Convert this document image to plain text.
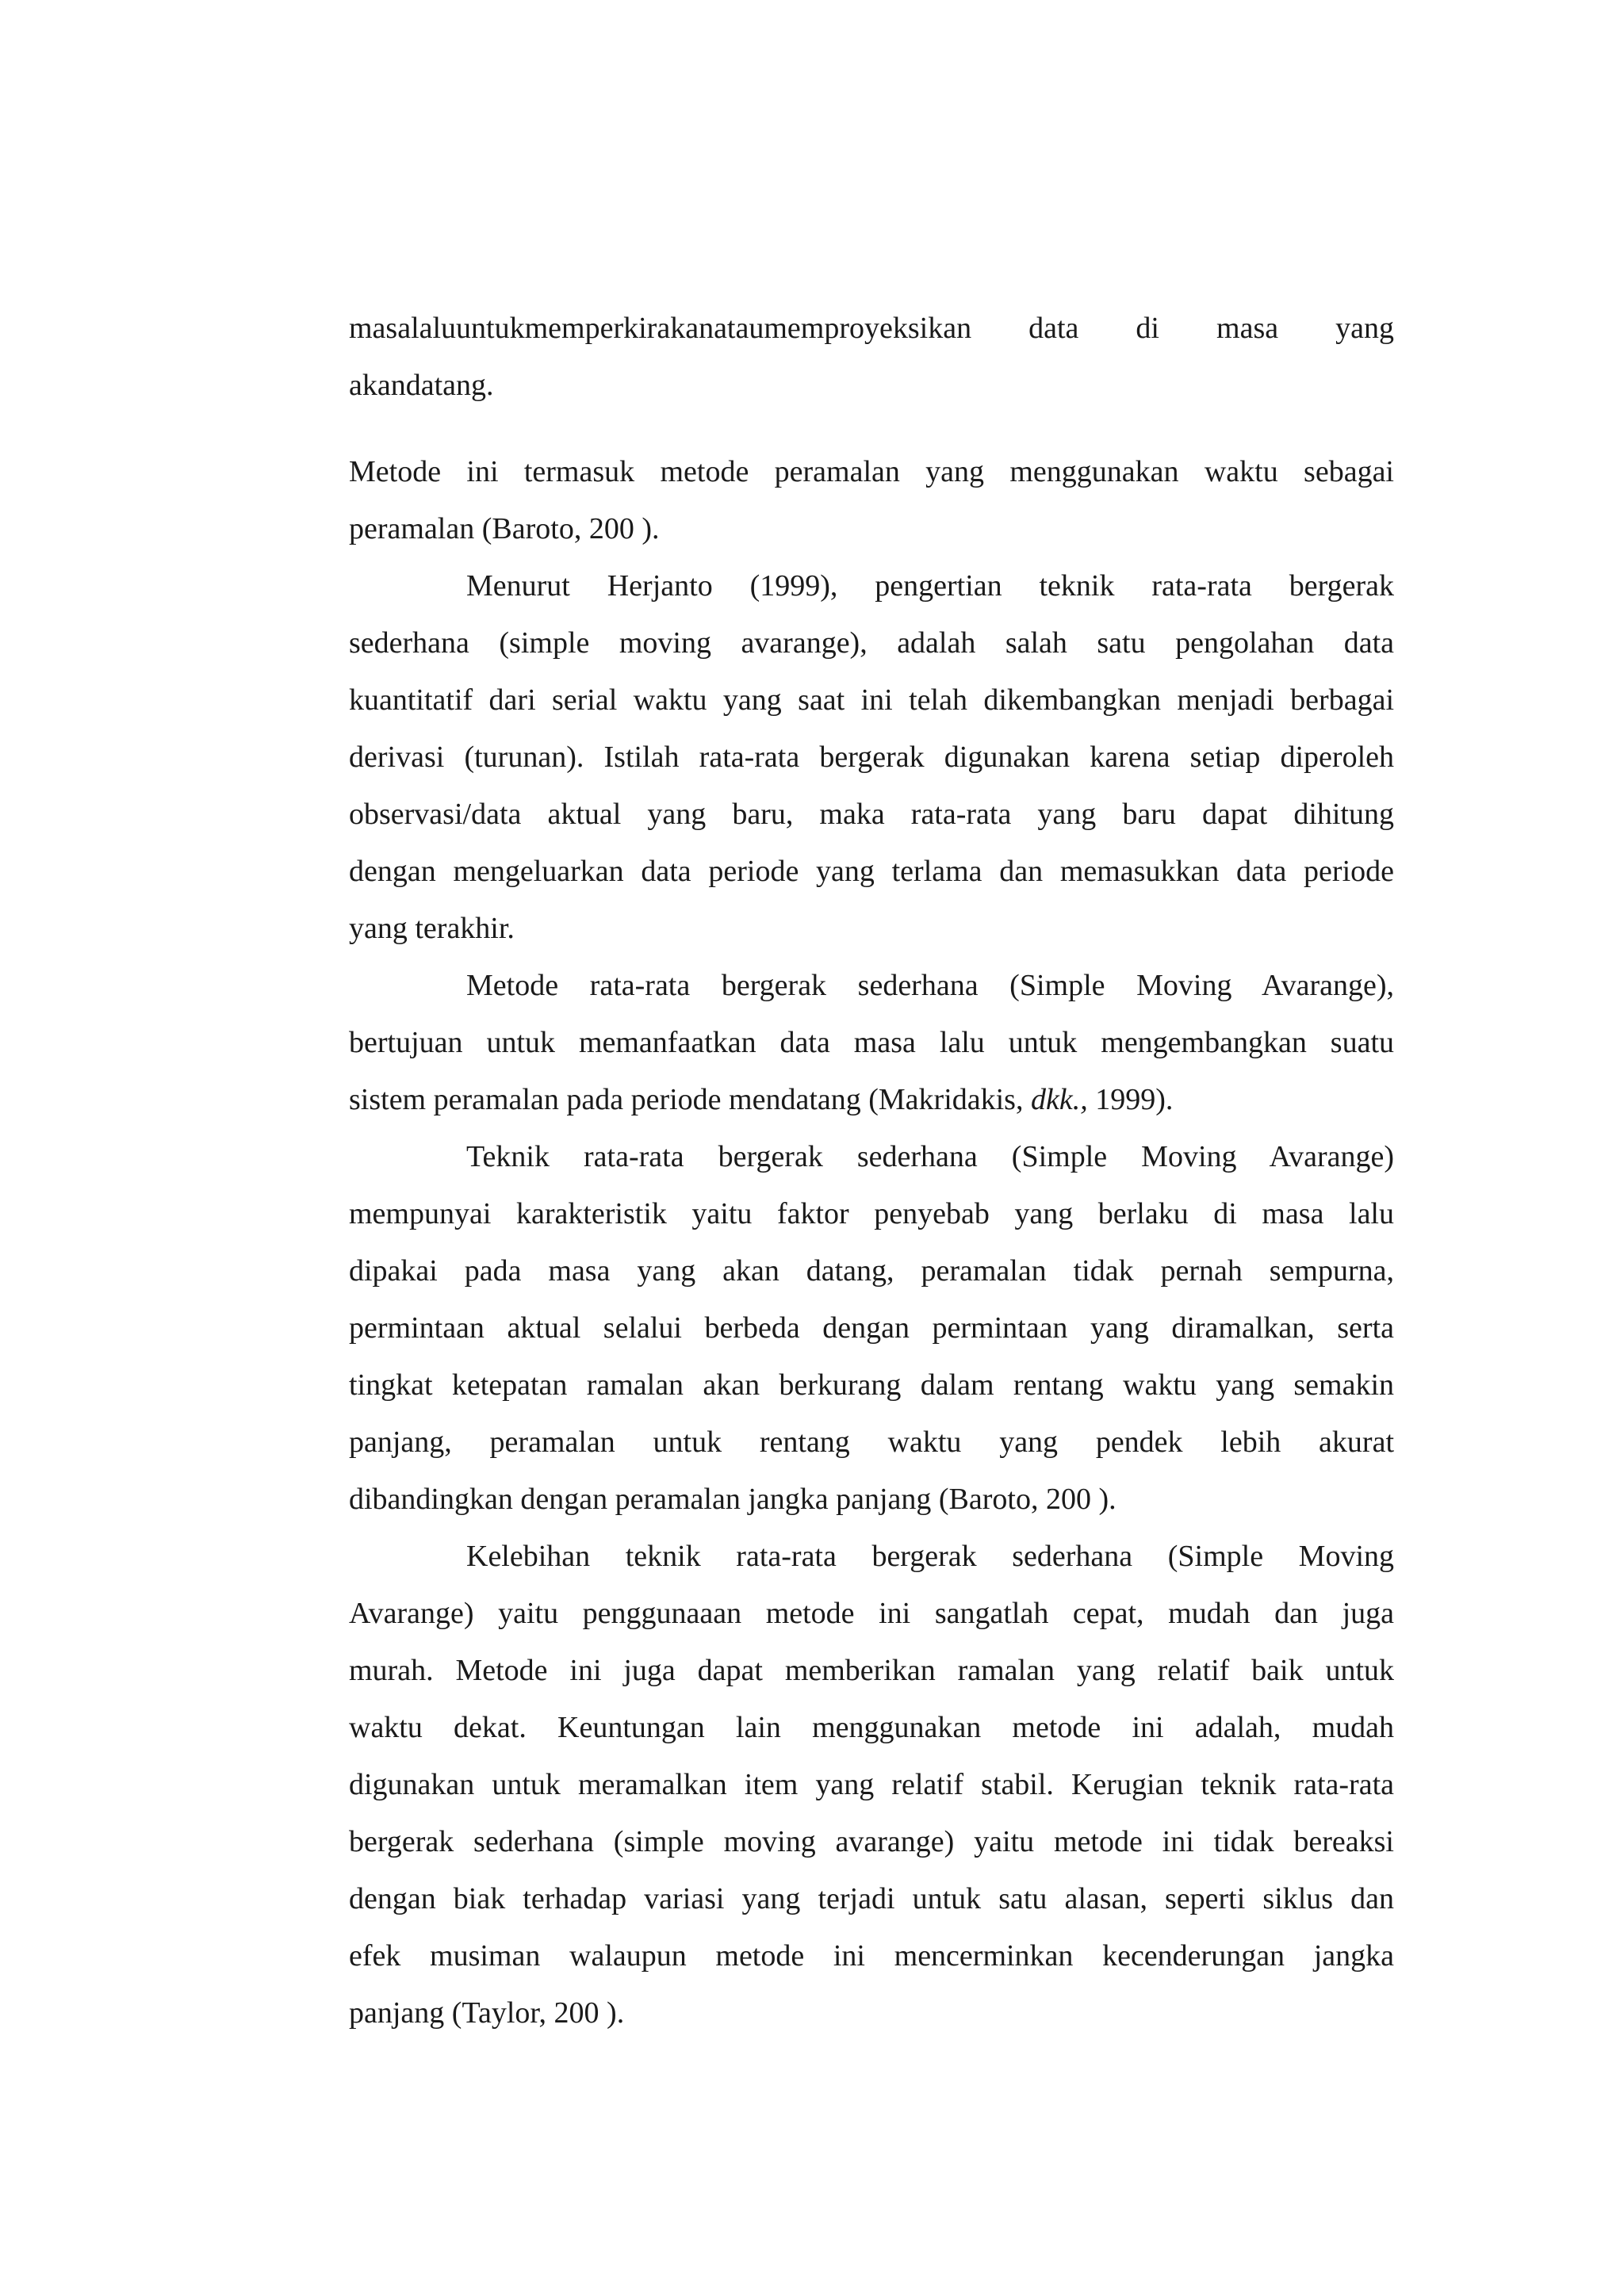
masalaluuntukmemperkirakanataumemproyeksikan data di masa yang
akandatang.
Metode ini termasuk metode peramalan yang menggunakan waktu sebagai
peramalan (Baroto, 200 ).
Menurut Herjanto (1999), pengertian teknik rata-rata bergerak
sederhana (simple moving avarange), adalah salah satu pengolahan data
kuantitatif dari serial waktu yang saat ini telah dikembangkan menjadi berbagai
derivasi (turunan). Istilah rata-rata bergerak digunakan karena setiap diperoleh
observasi/data aktual yang baru, maka rata-rata yang baru dapat dihitung
dengan mengeluarkan data periode yang terlama dan memasukkan data periode
yang terakhir.
Metode rata-rata bergerak sederhana (Simple Moving Avarange),
bertujuan untuk memanfaatkan data masa lalu untuk mengembangkan suatu
sistem peramalan pada periode mendatang (Makridakis, dkk., 1999).
Teknik rata-rata bergerak sederhana (Simple Moving Avarange)
mempunyai karakteristik yaitu faktor penyebab yang berlaku di masa lalu
dipakai pada masa yang akan datang, peramalan tidak pernah sempurna,
permintaan aktual selalui berbeda dengan permintaan yang diramalkan, serta
tingkat ketepatan ramalan akan berkurang dalam rentang waktu yang semakin
panjang, peramalan untuk rentang waktu yang pendek lebih akurat
dibandingkan dengan peramalan jangka panjang (Baroto, 200 ).
Kelebihan teknik rata-rata bergerak sederhana (Simple Moving
Avarange) yaitu penggunaaan metode ini sangatlah cepat, mudah dan juga
murah. Metode ini juga dapat memberikan ramalan yang relatif baik untuk
waktu dekat. Keuntungan lain menggunakan metode ini adalah, mudah
digunakan untuk meramalkan item yang relatif stabil. Kerugian teknik rata-rata
bergerak sederhana (simple moving avarange) yaitu metode ini tidak bereaksi
dengan biak terhadap variasi yang terjadi untuk satu alasan, seperti siklus dan
efek musiman walaupun metode ini mencerminkan kecenderungan jangka
panjang (Taylor, 200 ).
